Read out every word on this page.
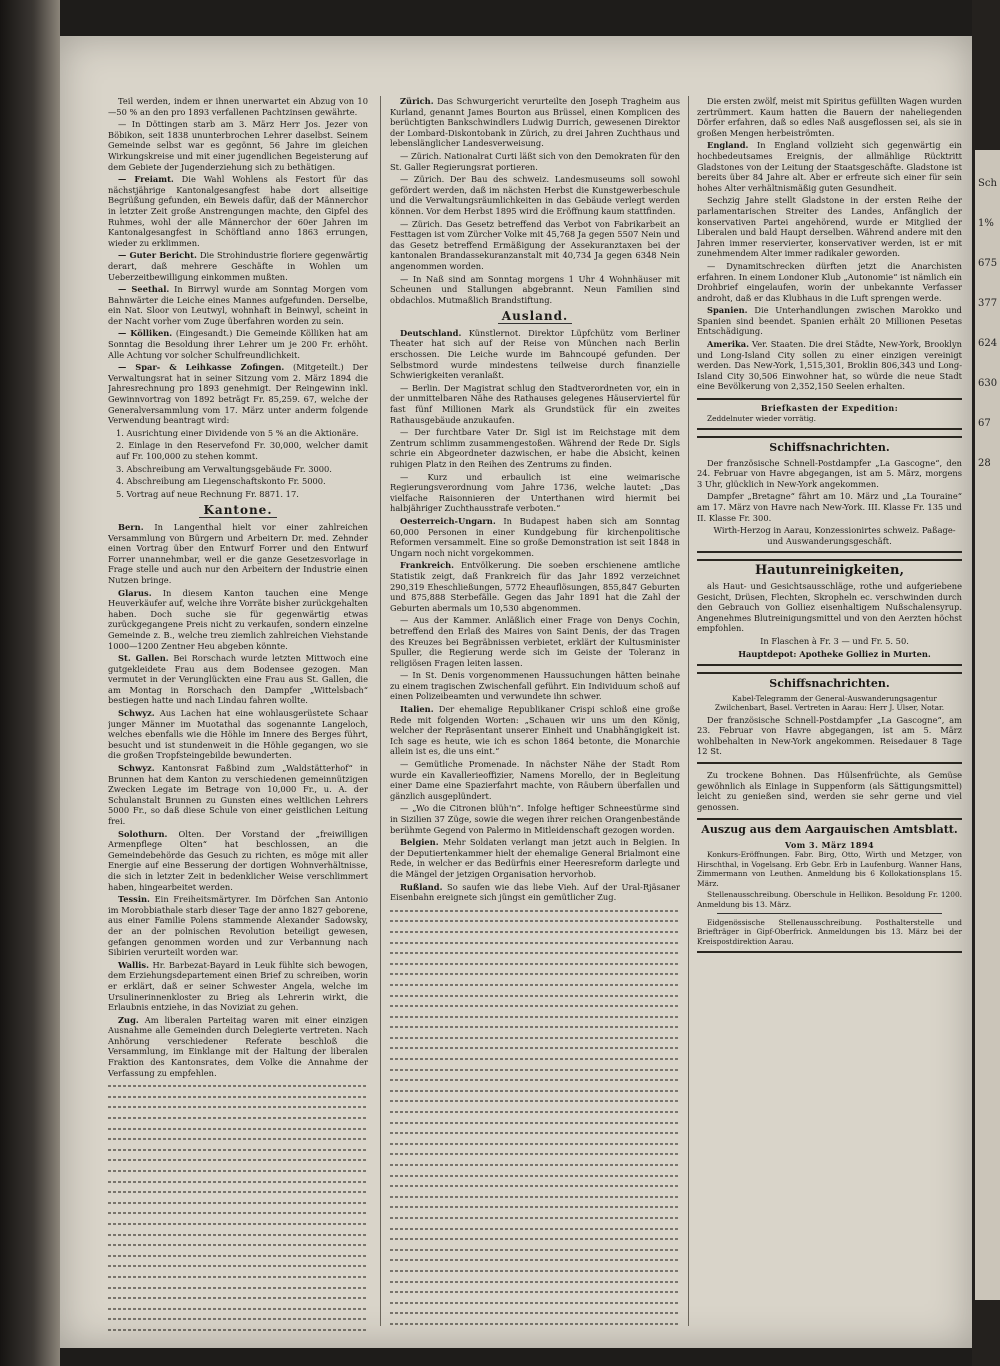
Teil werden, indem er ihnen unerwartet ein Abzug von 10—50 % an den pro 1893 verfallenen Pachtzinsen gewährte.

— In Döttingen starb am 3. März Herr Jos. Jezer von Böbikon, seit 1838 ununterbrochen Lehrer daselbst. Seinem Gemeinde selbst war es gegönnt, 56 Jahre im gleichen Wirkungskreise und mit einer jugendlichen Begeisterung auf dem Gebiete der Jugenderziehung sich zu bethätigen.

— Freiamt. Die Wahl Wohlens als Festort für das nächstjährige Kantonalgesangfest habe dort allseitige Begrüßung gefunden, ein Beweis dafür, daß der Männerchor in letzter Zeit große Anstrengungen machte, den Gipfel des Ruhmes, wohl der alle Männerchor der 60er Jahren im Kantonalgesangfest in Schöftland anno 1863 errungen, wieder zu erklimmen.

— Guter Bericht. Die Strohindustrie floriere gegenwärtig derart, daß mehrere Geschäfte in Wohlen um Ueberzeitbewilligung einkommen mußten.

— Seethal. In Birrwyl wurde am Sonntag Morgen vom Bahnwärter die Leiche eines Mannes aufgefunden. Derselbe, ein Nat. Sloor von Leutwyl, wohnhaft in Beinwyl, scheint in der Nacht vorher vom Zuge überfahren worden zu sein.

— Kölliken. (Eingesandt.) Die Gemeinde Kölliken hat am Sonntag die Besoldung ihrer Lehrer um je 200 Fr. erhöht. Alle Achtung vor solcher Schulfreundlichkeit.

— Spar- & Leihkasse Zofingen. (Mitgeteilt.) Der Verwaltungsrat hat in seiner Sitzung vom 2. März 1894 die Jahresrechnung pro 1893 genehmigt. Der Reingewinn inkl. Gewinnvortrag von 1892 beträgt Fr. 85,259. 67, welche der Generalversammlung vom 17. März unter anderm folgende Verwendung beantragt wird:

1. Ausrichtung einer Dividende von 5 % an die Aktionäre.

2. Einlage in den Reservefond Fr. 30,000, welcher damit auf Fr. 100,000 zu stehen kommt.

3. Abschreibung am Verwaltungsgebäude Fr. 3000.

4. Abschreibung am Liegenschaftskonto Fr. 5000.

5. Vortrag auf neue Rechnung Fr. 8871. 17.

Kantone.

Bern. In Langenthal hielt vor einer zahlreichen Versammlung von Bürgern und Arbeitern Dr. med. Zehnder einen Vortrag über den Entwurf Forrer und den Entwurf Forrer unannehmbar, weil er die ganze Gesetzesvorlage in Frage stelle und auch nur den Arbeitern der Industrie einen Nutzen bringe.

Glarus. In diesem Kanton tauchen eine Menge Heuverkäufer auf, welche ihre Vorräte bisher zurückgehalten haben. Doch suche sie für gegenwärtig etwas zurückgegangene Preis nicht zu verkaufen, sondern einzelne Gemeinde z. B., welche treu ziemlich zahlreichen Viehstande 1000—1200 Zentner Heu abgeben könnte.

St. Gallen. Bei Rorschach wurde letzten Mittwoch eine gutgekleidete Frau aus dem Bodensee gezogen. Man vermutet in der Verunglückten eine Frau aus St. Gallen, die am Montag in Rorschach den Dampfer „Wittelsbach“ bestiegen hatte und nach Lindau fahren wollte.

Schwyz. Aus Lachen hat eine wohlausgerüstete Schaar junger Männer im Muotathal das sogenannte Langeloch, welches ebenfalls wie die Höhle im Innere des Berges führt, besucht und ist stundenweit in die Höhle gegangen, wo sie die großen Tropfsteingebilde bewunderten.

Schwyz. Kantonsrat Faßbind zum „Waldstätterhof“ in Brunnen hat dem Kanton zu verschiedenen gemeinnützigen Zwecken Legate im Betrage von 10,000 Fr., u. A. der Schulanstalt Brunnen zu Gunsten eines weltlichen Lehrers 5000 Fr., so daß diese Schule von einer geistlichen Leitung frei.

Solothurn. Olten. Der Vorstand der „freiwilligen Armenpflege Olten“ hat beschlossen, an die Gemeindebehörde das Gesuch zu richten, es möge mit aller Energie auf eine Besserung der dortigen Wohnverhältnisse, die sich in letzter Zeit in bedenklicher Weise verschlimmert haben, hingearbeitet werden.

Tessin. Ein Freiheitsmärtyrer. Im Dörfchen San Antonio im Morobbiathale starb dieser Tage der anno 1827 geborene, aus einer Familie Polens stammende Alexander Sadowsky, der an der polnischen Revolution beteiligt gewesen, gefangen genommen worden und zur Verbannung nach Sibirien verurteilt worden war.

Wallis. Hr. Barbezat-Bayard in Leuk fühlte sich bewogen, dem Erziehungsdepartement einen Brief zu schreiben, worin er erklärt, daß er seiner Schwester Angela, welche im Ursulinerinnenkloster zu Brieg als Lehrerin wirkt, die Erlaubnis entziehe, in das Noviziat zu gehen.

Zug. Am liberalen Parteitag waren mit einer einzigen Ausnahme alle Gemeinden durch Delegierte vertreten. Nach Anhörung verschiedener Referate beschloß die Versammlung, im Einklange mit der Haltung der liberalen Fraktion des Kantonsrates, dem Volke die Annahme der Verfassung zu empfehlen.

Zürich. Das Schwurgericht verurteilte den Joseph Tragheim aus Kurland, genannt James Bourton aus Brüssel, einen Komplicen des berüchtigten Bankschwindlers Ludwig Durrich, gewesenen Direktor der Lombard-Diskontobank in Zürich, zu drei Jahren Zuchthaus und lebenslänglicher Landesverweisung.

— Zürich. Nationalrat Curti läßt sich von den Demokraten für den St. Galler Regierungsrat portieren.

— Zürich. Der Bau des schweiz. Landesmuseums soll sowohl gefördert werden, daß im nächsten Herbst die Kunstgewerbeschule und die Verwaltungsräumlichkeiten in das Gebäude verlegt werden können. Vor dem Herbst 1895 wird die Eröffnung kaum stattfinden.

— Zürich. Das Gesetz betreffend das Verbot von Fabrikarbeit an Festtagen ist vom Zürcher Volke mit 45,768 Ja gegen 5507 Nein und das Gesetz betreffend Ermäßigung der Assekuranztaxen bei der kantonalen Brandassekuranzanstalt mit 40,734 Ja gegen 6348 Nein angenommen worden.

— In Naß sind am Sonntag morgens 1 Uhr 4 Wohnhäuser mit Scheunen und Stallungen abgebrannt. Neun Familien sind obdachlos. Mutmaßlich Brandstiftung.

Ausland.

Deutschland. Künstlernot. Direktor Lüpfchütz vom Berliner Theater hat sich auf der Reise von München nach Berlin erschossen. Die Leiche wurde im Bahncoupé gefunden. Der Selbstmord wurde mindestens teilweise durch finanzielle Schwierigkeiten veranlaßt.

— Berlin. Der Magistrat schlug den Stadtverordneten vor, ein in der unmittelbaren Nähe des Rathauses gelegenes Häuserviertel für fast fünf Millionen Mark als Grundstück für ein zweites Rathausgebäude anzukaufen.

— Der furchtbare Vater Dr. Sigl ist im Reichstage mit dem Zentrum schlimm zusammengestoßen. Während der Rede Dr. Sigls schrie ein Abgeordneter dazwischen, er habe die Absicht, keinen ruhigen Platz in den Reihen des Zentrums zu finden.

— Kurz und erbaulich ist eine weimarische Regierungsverordnung vom Jahre 1736, welche lautet: „Das vielfache Raisonnieren der Unterthanen wird hiermit bei halbjähriger Zuchthausstrafe verboten.“

Oesterreich-Ungarn. In Budapest haben sich am Sonntag 60,000 Personen in einer Kundgebung für kirchenpolitische Reformen versammelt. Eine so große Demonstration ist seit 1848 in Ungarn noch nicht vorgekommen.

Frankreich. Entvölkerung. Die soeben erschienene amtliche Statistik zeigt, daß Frankreich für das Jahr 1892 verzeichnet 290,319 Eheschließungen, 5772 Eheauflösungen, 855,847 Geburten und 875,888 Sterbefälle. Gegen das Jahr 1891 hat die Zahl der Geburten abermals um 10,530 abgenommen.

— Aus der Kammer. Anläßlich einer Frage von Denys Cochin, betreffend den Erlaß des Maires von Saint Denis, der das Tragen des Kreuzes bei Begräbnissen verbietet, erklärt der Kultusminister Spuller, die Regierung werde sich im Geiste der Toleranz in religiösen Fragen leiten lassen.

— In St. Denis vorgenommenen Haussuchungen hätten beinahe zu einem tragischen Zwischenfall geführt. Ein Individuum schoß auf einen Polizeibeamten und verwundete ihn schwer.

Italien. Der ehemalige Republikaner Crispi schloß eine große Rede mit folgenden Worten: „Schauen wir uns um den König, welcher der Repräsentant unserer Einheit und Unabhängigkeit ist. Ich sage es heute, wie ich es schon 1864 betonte, die Monarchie allein ist es, die uns eint.“

— Gemütliche Promenade. In nächster Nähe der Stadt Rom wurde ein Kavallerieoffizier, Namens Morello, der in Begleitung einer Dame eine Spazierfahrt machte, von Räubern überfallen und gänzlich ausgeplündert.

— „Wo die Citronen blüh'n“. Infolge heftiger Schneestürme sind in Sizilien 37 Züge, sowie die wegen ihrer reichen Orangenbestände berühmte Gegend von Palermo in Mitleidenschaft gezogen worden.

Belgien. Mehr Soldaten verlangt man jetzt auch in Belgien. In der Deputiertenkammer hielt der ehemalige General Brialmont eine Rede, in welcher er das Bedürfnis einer Heeresreform darlegte und die Mängel der jetzigen Organisation hervorhob.

Rußland. So saufen wie das liebe Vieh. Auf der Ural-Rjäsaner Eisenbahn ereignete sich jüngst ein gemütlicher Zug.

Die ersten zwölf, meist mit Spiritus gefüllten Wagen wurden zertrümmert. Kaum hatten die Bauern der naheliegenden Dörfer erfahren, daß so edles Naß ausgeflossen sei, als sie in großen Mengen herbeiströmten.

England. In England vollzieht sich gegenwärtig ein hochbedeutsames Ereignis, der allmählige Rücktritt Gladstones von der Leitung der Staatsgeschäfte. Gladstone ist bereits über 84 Jahre alt. Aber er erfreute sich einer für sein hohes Alter verhältnismäßig guten Gesundheit.

Sechzig Jahre stellt Gladstone in der ersten Reihe der parlamentarischen Streiter des Landes, Anfänglich der konservativen Partei angehörend, wurde er Mitglied der Liberalen und bald Haupt derselben. Während andere mit den Jahren immer reservierter, konservativer werden, ist er mit zunehmendem Alter immer radikaler geworden.

— Dynamitschrecken dürften jetzt die Anarchisten erfahren. In einem Londoner Klub „Autonomie“ ist nämlich ein Drohbrief eingelaufen, worin der unbekannte Verfasser androht, daß er das Klubhaus in die Luft sprengen werde.

Spanien. Die Unterhandlungen zwischen Marokko und Spanien sind beendet. Spanien erhält 20 Millionen Pesetas Entschädigung.

Amerika. Ver. Staaten. Die drei Städte, New-York, Brooklyn und Long-Island City sollen zu einer einzigen vereinigt werden. Das New-York, 1,515,301, Broklin 806,343 und Long-Island City 30,506 Einwohner hat, so würde die neue Stadt eine Bevölkerung von 2,352,150 Seelen erhalten.

Briefkasten der Expedition:

Zeddelnuter wieder vorrätig.

Schiffsnachrichten.

Der französische Schnell-Postdampfer „La Gascogne“, den 24. Februar von Havre abgegangen, ist am 5. März, morgens 3 Uhr, glücklich in New-York angekommen.

Dampfer „Bretagne“ fährt am 10. März und „La Touraine“ am 17. März von Havre nach New-York. III. Klasse Fr. 135 und II. Klasse Fr. 300.

Wirth-Herzog in Aarau, Konzessionirtes schweiz. Paßage- und Auswanderungsgeschäft.

Hautunreinigkeiten,

als Haut- und Gesichtsausschläge, rothe und aufgeriebene Gesicht, Drüsen, Flechten, Skropheln ec. verschwinden durch den Gebrauch von Golliez eisenhaltigem Nußschalensyrup. Angenehmes Blutreinigungsmittel und von den Aerzten höchst empfohlen.

In Flaschen à Fr. 3 — und Fr. 5. 50.

Hauptdepot: Apotheke Golliez in Murten.

Schiffsnachrichten.

Kabel-Telegramm der General-Auswanderungsagentur Zwilchenbart, Basel. Vertreten in Aarau: Herr J. Ulser, Notar.

Der französische Schnell-Postdampfer „La Gascogne“, am 23. Februar von Havre abgegangen, ist am 5. März wohlbehalten in New-York angekommen. Reisedauer 8 Tage 12 St.

Zu trockene Bohnen. Das Hülsenfrüchte, als Gemüse gewöhnlich als Einlage in Suppenform (als Sättigungsmittel) leicht zu genießen sind, werden sie sehr gerne und viel genossen.

Auszug aus dem Aargauischen Amtsblatt.
Vom 3. März 1894

Konkurs-Eröffnungen. Fabr. Birg, Otto, Wirth und Metzger, von Hirschthal, in Vogelsang. Erb Gebr. Erb in Laufenburg. Wanner Hans, Zimmermann von Leuthen. Anmeldung bis 6 Kollokationsplans 15. März.

Stellenausschreibung. Oberschule in Hellikon. Besoldung Fr. 1200. Anmeldung bis 13. März.

Eidgenössische Stellenausschreibung. Posthalterstelle und Briefträger in Gipf-Oberfrick. Anmeldungen bis 13. März bei der Kreispostdirektion Aarau.

Sch
1%
675
377
624
630
67
28
